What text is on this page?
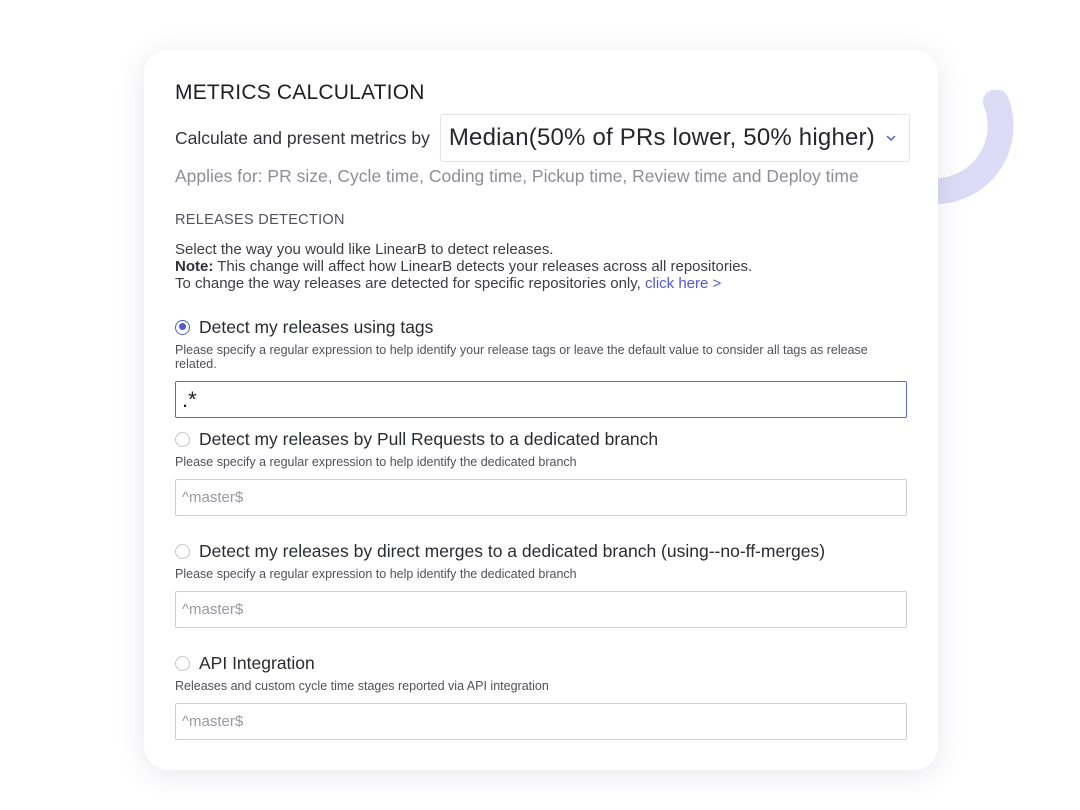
METRICS CALCULATION
Calculate and present metrics by Median(50% of PRs lower, 50% higher)
Applies for: PR size, Cycle time, Coding time, Pickup time, Review time and Deploy time
RELEASES DETECTION
Select the way you would like LinearB to detect releases.
Note: This change will affect how LinearB detects your releases across all repositories.
To change the way releases are detected for specific repositories only, click here >
Detect my releases using tags
Please specify a regular expression to help identify your release tags or leave the default value to consider all tags as release related.
.*
Detect my releases by Pull Requests to a dedicated branch
Please specify a regular expression to help identify the dedicated branch
^master$
Detect my releases by direct merges to a dedicated branch (using--no-ff-merges)
Please specify a regular expression to help identify the dedicated branch
^master$
API Integration
Releases and custom cycle time stages reported via API integration
^master$
